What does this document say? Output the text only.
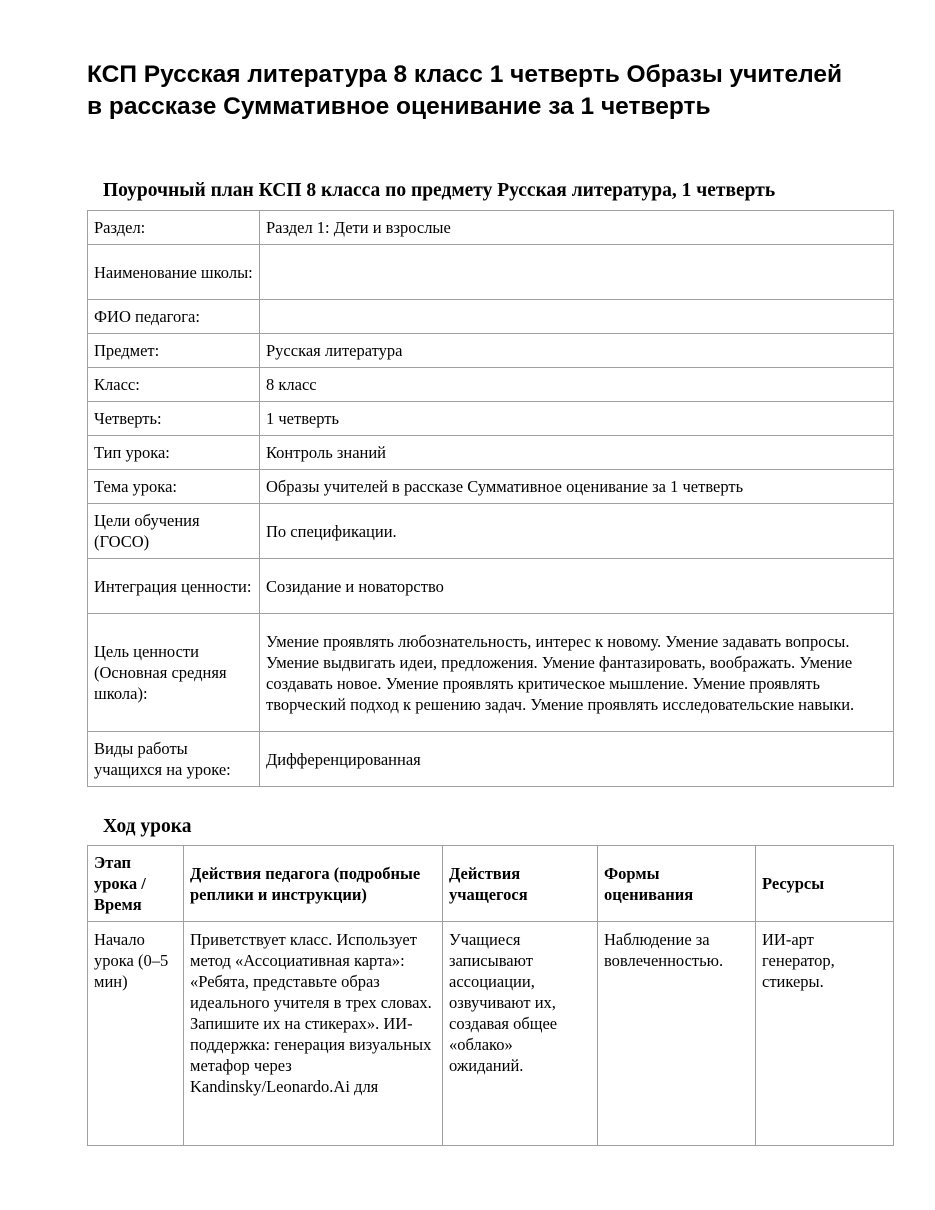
КСП Русская литература 8 класс 1 четверть Образы учителей в рассказе Суммативное оценивание за 1 четверть
Поурочный план КСП 8 класса по предмету Русская литература, 1 четверть
Раздел:	Раздел 1: Дети и взрослые
Наименование школы:	
ФИО педагога:	
Предмет:	Русская литература
Класс:	8 класс
Четверть:	1 четверть
Тип урока:	Контроль знаний
Тема урока:	Образы учителей в рассказе Суммативное оценивание за 1 четверть
Цели обучения (ГОСО)	По спецификации.
Интеграция ценности:	Созидание и новаторство
Цель ценности (Основная средняя школа):	Умение проявлять любознательность, интерес к новому. Умение задавать вопросы. Умение выдвигать идеи, предложения. Умение фантазировать, воображать. Умение создавать новое. Умение проявлять критическое мышление. Умение проявлять творческий подход к решению задач. Умение проявлять исследовательские навыки.
Виды работы учащихся на уроке:	Дифференцированная
Ход урока
Этап урока / Время	Действия педагога (подробные реплики и инструкции)	Действия учащегося	Формы оценивания	Ресурсы
Начало урока (0–5 мин)	Приветствует класс. Использует метод «Ассоциативная карта»: «Ребята, представьте образ идеального учителя в трех словах. Запишите их на стикерах». ИИ-поддержка: генерация визуальных метафор через Kandinsky/Leonardo.Ai для	Учащиеся записывают ассоциации, озвучивают их, создавая общее «облако» ожиданий.	Наблюдение за вовлеченностью.	ИИ-арт генератор, стикеры.
